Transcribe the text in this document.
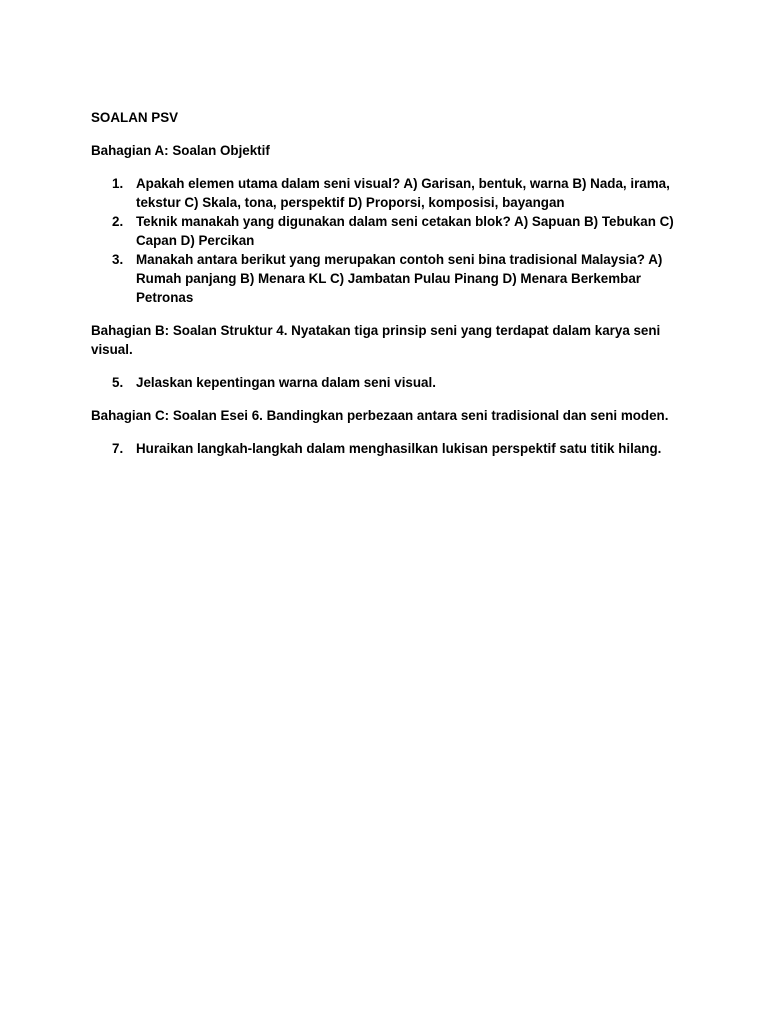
SOALAN PSV

Bahagian A: Soalan Objektif

1. Apakah elemen utama dalam seni visual? A) Garisan, bentuk, warna B) Nada, irama, tekstur C) Skala, tona, perspektif D) Proporsi, komposisi, bayangan
2. Teknik manakah yang digunakan dalam seni cetakan blok? A) Sapuan B) Tebukan C) Capan D) Percikan
3. Manakah antara berikut yang merupakan contoh seni bina tradisional Malaysia? A) Rumah panjang B) Menara KL C) Jambatan Pulau Pinang D) Menara Berkembar Petronas

Bahagian B: Soalan Struktur 4. Nyatakan tiga prinsip seni yang terdapat dalam karya seni visual.

5. Jelaskan kepentingan warna dalam seni visual.

Bahagian C: Soalan Esei 6. Bandingkan perbezaan antara seni tradisional dan seni moden.

7. Huraikan langkah-langkah dalam menghasilkan lukisan perspektif satu titik hilang.
